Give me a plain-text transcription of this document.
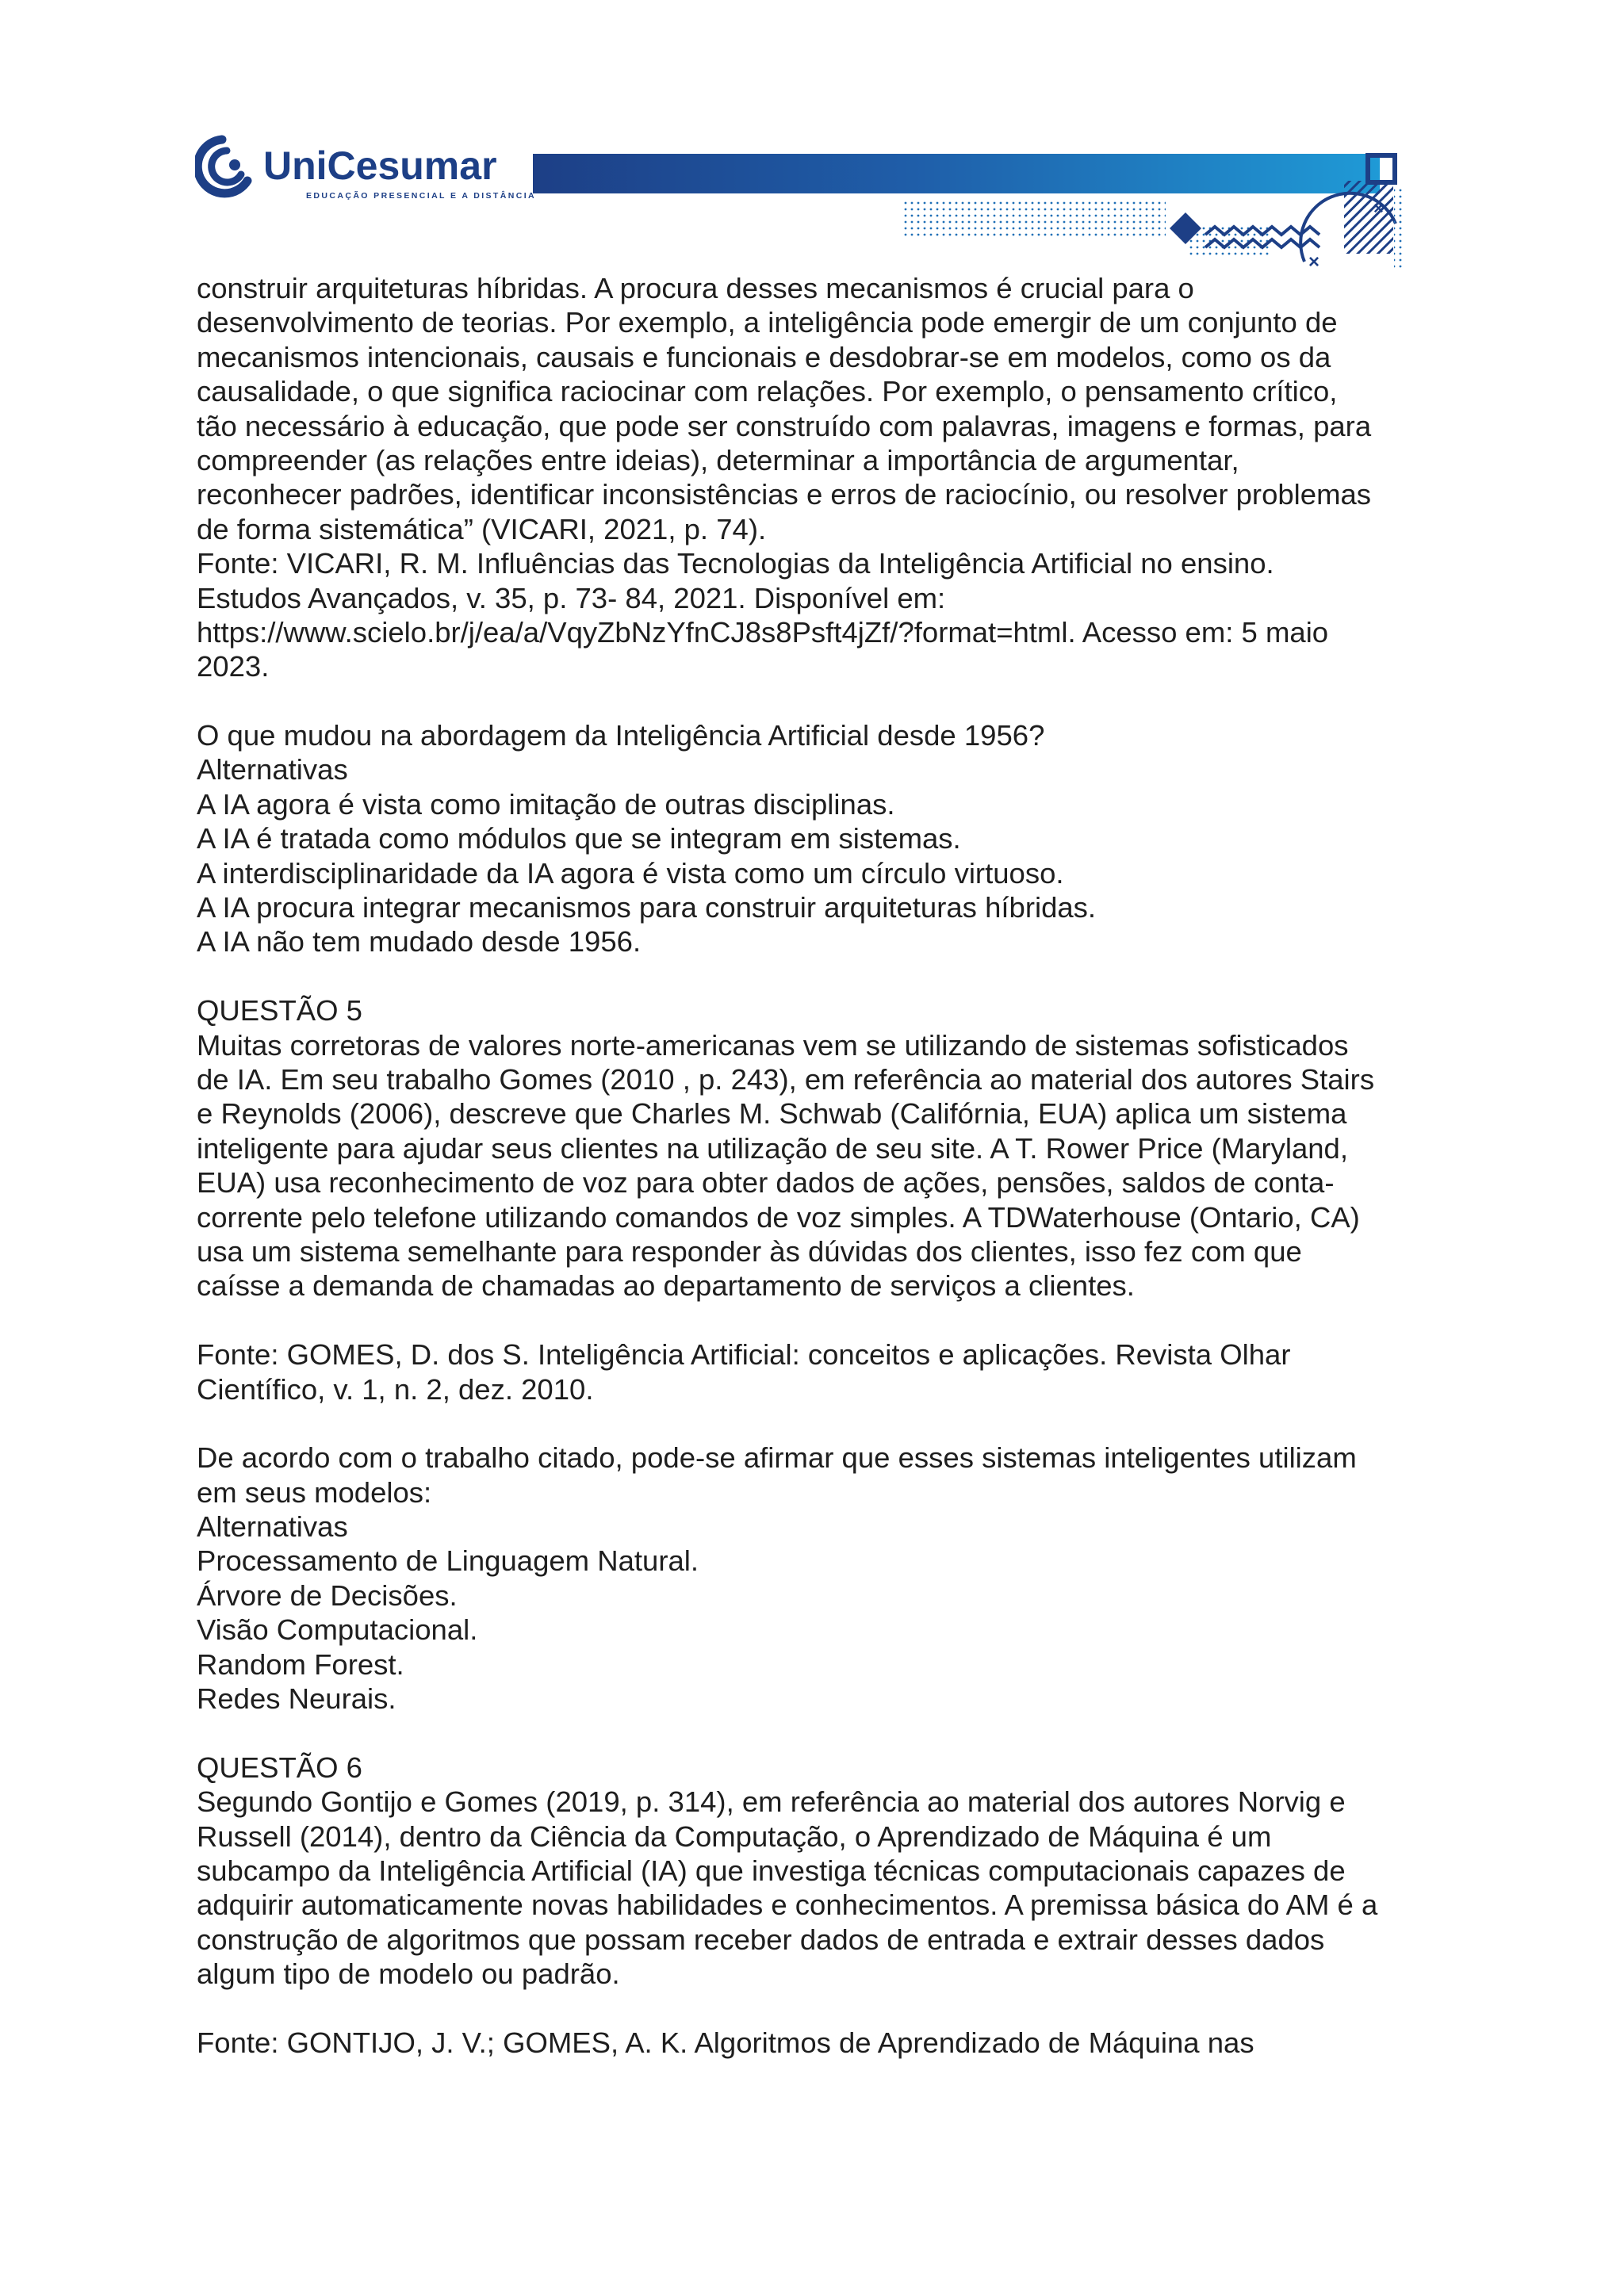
UniCesumar
EDUCAÇÃO PRESENCIAL E A DISTÂNCIA
×
×
construir arquiteturas híbridas. A procura desses mecanismos é crucial para o
desenvolvimento de teorias. Por exemplo, a inteligência pode emergir de um conjunto de
mecanismos intencionais, causais e funcionais e desdobrar-se em modelos, como os da
causalidade, o que significa raciocinar com relações. Por exemplo, o pensamento crítico,
tão necessário à educação, que pode ser construído com palavras, imagens e formas, para
compreender (as relações entre ideias), determinar a importância de argumentar,
reconhecer padrões, identificar inconsistências e erros de raciocínio, ou resolver problemas
de forma sistemática” (VICARI, 2021, p. 74).
Fonte: VICARI, R. M. Influências das Tecnologias da Inteligência Artificial no ensino.
Estudos Avançados, v. 35, p. 73- 84, 2021. Disponível em:
https://www.scielo.br/j/ea/a/VqyZbNzYfnCJ8s8Psft4jZf/?format=html. Acesso em: 5 maio
2023.
O que mudou na abordagem da Inteligência Artificial desde 1956?
Alternativas
A IA agora é vista como imitação de outras disciplinas.
A IA é tratada como módulos que se integram em sistemas.
A interdisciplinaridade da IA agora é vista como um círculo virtuoso.
A IA procura integrar mecanismos para construir arquiteturas híbridas.
A IA não tem mudado desde 1956.
QUESTÃO 5
Muitas corretoras de valores norte-americanas vem se utilizando de sistemas sofisticados
de IA. Em seu trabalho Gomes (2010 , p. 243), em referência ao material dos autores Stairs
e Reynolds (2006), descreve que Charles M. Schwab (Califórnia, EUA) aplica um sistema
inteligente para ajudar seus clientes na utilização de seu site. A T. Rower Price (Maryland,
EUA) usa reconhecimento de voz para obter dados de ações, pensões, saldos de conta-
corrente pelo telefone utilizando comandos de voz simples. A TDWaterhouse (Ontario, CA)
usa um sistema semelhante para responder às dúvidas dos clientes, isso fez com que
caísse a demanda de chamadas ao departamento de serviços a clientes.
Fonte: GOMES, D. dos S. Inteligência Artificial: conceitos e aplicações. Revista Olhar
Científico, v. 1, n. 2, dez. 2010.
De acordo com o trabalho citado, pode-se afirmar que esses sistemas inteligentes utilizam
em seus modelos:
Alternativas
Processamento de Linguagem Natural.
Árvore de Decisões.
Visão Computacional.
Random Forest.
Redes Neurais.
QUESTÃO 6
Segundo Gontijo e Gomes (2019, p. 314), em referência ao material dos autores Norvig e
Russell (2014), dentro da Ciência da Computação, o Aprendizado de Máquina é um
subcampo da Inteligência Artificial (IA) que investiga técnicas computacionais capazes de
adquirir automaticamente novas habilidades e conhecimentos. A premissa básica do AM é a
construção de algoritmos que possam receber dados de entrada e extrair desses dados
algum tipo de modelo ou padrão.
Fonte: GONTIJO, J. V.; GOMES, A. K. Algoritmos de Aprendizado de Máquina nas
